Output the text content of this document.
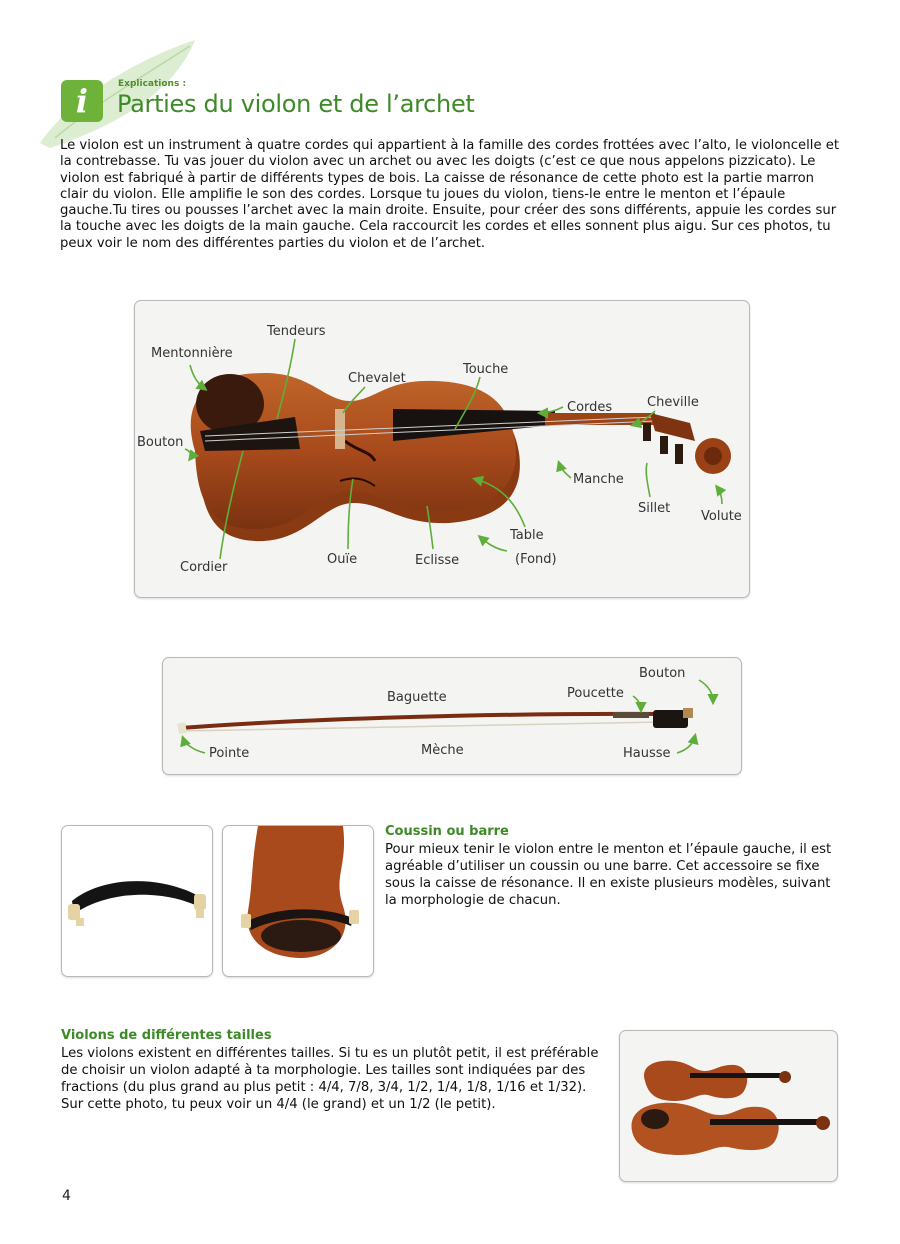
i	Explications :
Parties du violon et de l’archet

Le violon est un instrument à quatre cordes qui appartient à la famille des cordes frottées avec l’alto, le violoncelle et la contrebasse. Tu vas jouer du violon avec un archet ou avec les doigts (c’est ce que nous appelons pizzicato). Le violon est fabriqué à partir de différents types de bois. La caisse de résonance de cette photo est la partie marron clair du violon. Elle amplifie le son des cordes. Lorsque tu joues du violon, tiens-le entre le menton et l’épaule gauche.Tu tires ou pousses l’archet avec la main droite. Ensuite, pour créer des sons différents, appuie les cordes sur la touche avec les doigts de la main gauche. Cela raccourcit les cordes et elles sonnent plus aigu. Sur ces photos, tu peux voir le nom des différentes parties du violon et de l’archet.

Tendeurs
Mentonnière
Chevalet
Touche
Cordes	Cheville
Bouton
Manche
Sillet
Volute
Table
(Fond)
Cordier
Ouïe	Eclisse
Baguette	Poucette
Bouton
Pointe	Mèche	Hausse
Coussin ou barre

Pour mieux tenir le violon entre le menton et l’épaule gauche, il est agréable d’utiliser un coussin ou une barre. Cet accessoire se fixe sous la caisse de résonance. Il en existe plusieurs modèles, suivant la morphologie de chacun.

Violons de différentes tailles

Les violons existent en différentes tailles. Si tu es un plutôt petit, il est préférable de choisir un violon adapté à ta morphologie. Les tailles sont indiquées par des fractions (du plus grand au plus petit : 4/4, 7/8, 3/4, 1/2, 1/4, 1/8, 1/16 et 1/32). Sur cette photo, tu peux voir un 4/4 (le grand) et un 1/2 (le petit).

4
